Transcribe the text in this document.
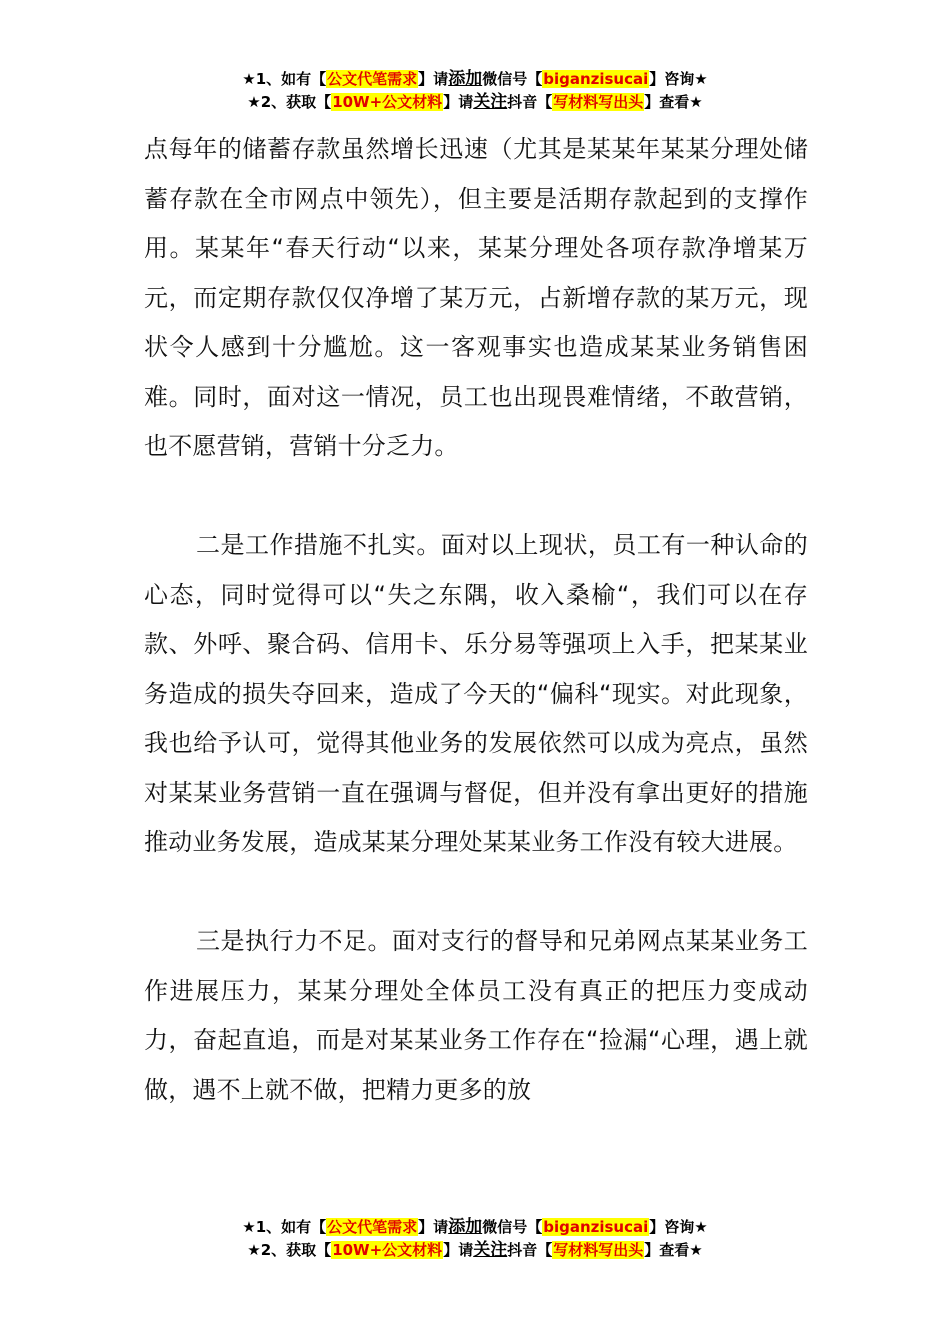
★1、如有【公文代笔需求】请添加微信号【biganzisucai】咨询★
★2、获取【10W+公文材料】请关注抖音【写材料写出头】查看★

点每年的储蓄存款虽然增长迅速（尤其是某某年某某分理处储蓄存款在全市网点中领先），但主要是活期存款起到的支撑作用。某某年“春天行动“以来，某某分理处各项存款净增某万元，而定期存款仅仅净增了某万元，占新增存款的某万元，现状令人感到十分尴尬。这一客观事实也造成某某业务销售困难。同时，面对这一情况，员工也出现畏难情绪，不敢营销，也不愿营销，营销十分乏力。

二是工作措施不扎实。面对以上现状，员工有一种认命的心态，同时觉得可以“失之东隅，收入桑榆“，我们可以在存款、外呼、聚合码、信用卡、乐分易等强项上入手，把某某业务造成的损失夺回来，造成了今天的“偏科“现实。对此现象，我也给予认可，觉得其他业务的发展依然可以成为亮点，虽然对某某业务营销一直在强调与督促，但并没有拿出更好的措施推动业务发展，造成某某分理处某某业务工作没有较大进展。

三是执行力不足。面对支行的督导和兄弟网点某某业务工作进展压力，某某分理处全体员工没有真正的把压力变成动力，奋起直追，而是对某某业务工作存在“捡漏“心理，遇上就做，遇不上就不做，把精力更多的放

★1、如有【公文代笔需求】请添加微信号【biganzisucai】咨询★
★2、获取【10W+公文材料】请关注抖音【写材料写出头】查看★
